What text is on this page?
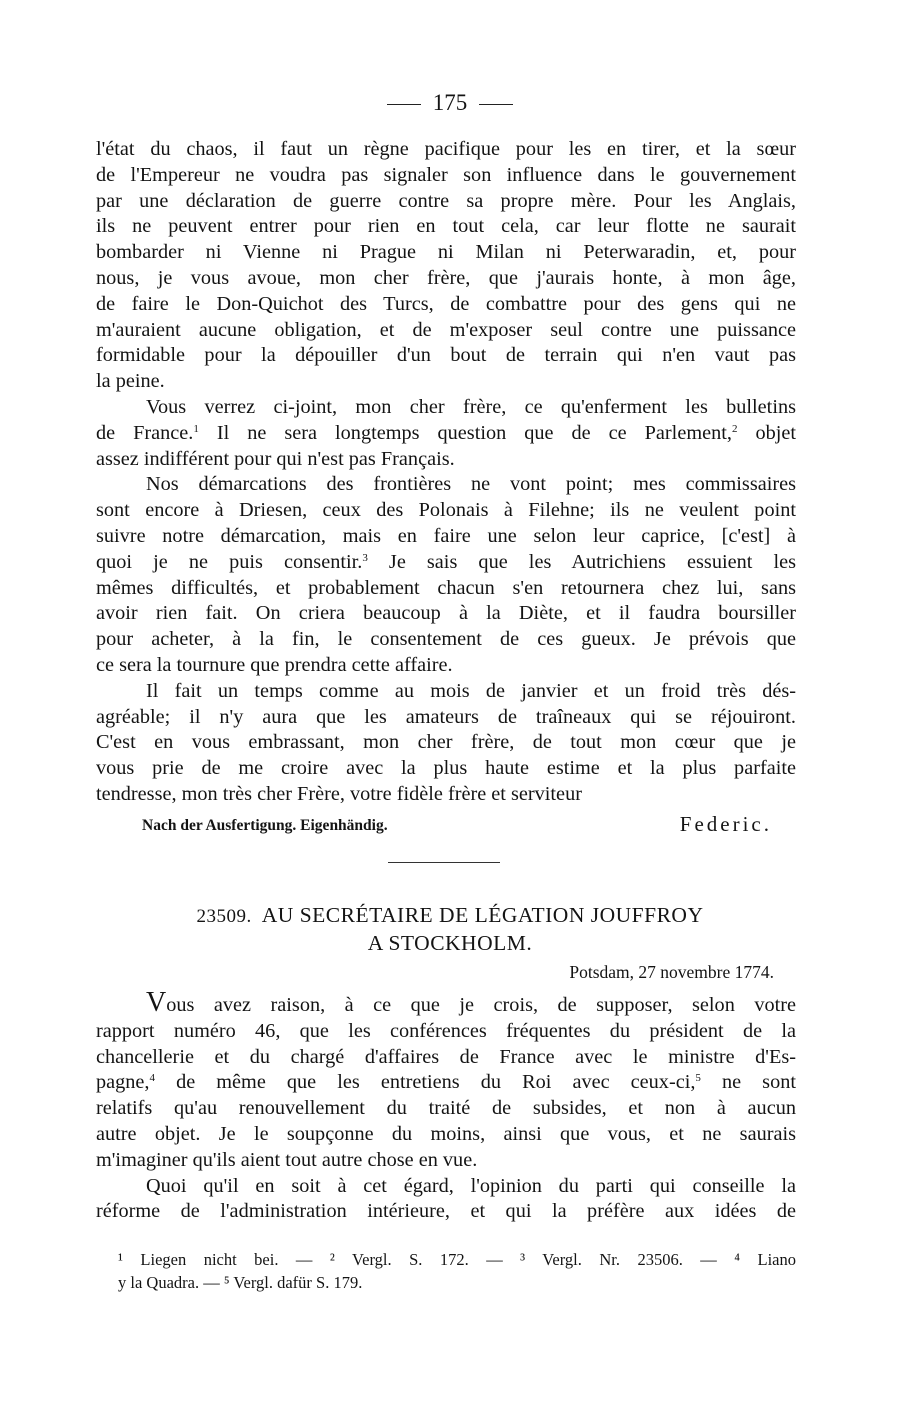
175
l'état du chaos, il faut un règne pacifique pour les en tirer, et la sœur
de l'Empereur ne voudra pas signaler son influence dans le gouvernement
par une déclaration de guerre contre sa propre mère. Pour les Anglais,
ils ne peuvent entrer pour rien en tout cela, car leur flotte ne saurait
bombarder ni Vienne ni Prague ni Milan ni Peterwaradin, et, pour
nous, je vous avoue, mon cher frère, que j'aurais honte, à mon âge,
de faire le Don-Quichot des Turcs, de combattre pour des gens qui ne
m'auraient aucune obligation, et de m'exposer seul contre une puissance
formidable pour la dépouiller d'un bout de terrain qui n'en vaut pas
la peine.
Vous verrez ci-joint, mon cher frère, ce qu'enferment les bulletins
de France.$^1$ Il ne sera longtemps question que de ce Parlement,$^2$ objet
assez indifférent pour qui n'est pas Français.
Nos démarcations des frontières ne vont point; mes commissaires
sont encore à Driesen, ceux des Polonais à Filehne; ils ne veulent point
suivre notre démarcation, mais en faire une selon leur caprice, [c'est] à
quoi je ne puis consentir.$^3$ Je sais que les Autrichiens essuient les
mêmes difficultés, et probablement chacun s'en retournera chez lui, sans
avoir rien fait. On criera beaucoup à la Diète, et il faudra boursiller
pour acheter, à la fin, le consentement de ces gueux. Je prévois que
ce sera la tournure que prendra cette affaire.
Il fait un temps comme au mois de janvier et un froid très dés-
agréable; il n'y aura que les amateurs de traîneaux qui se réjouiront.
C'est en vous embrassant, mon cher frère, de tout mon cœur que je
vous prie de me croire avec la plus haute estime et la plus parfaite
tendresse, mon très cher Frère, votre fidèle frère et serviteur
Nach der Ausfertigung. Eigenhändig.	Federic.
23509. AU SECRÉTAIRE DE LÉGATION JOUFFROY
A STOCKHOLM.
Potsdam, 27 novembre 1774.
Vous avez raison, à ce que je crois, de supposer, selon votre
rapport numéro 46, que les conférences fréquentes du président de la
chancellerie et du chargé d'affaires de France avec le ministre d'Es-
pagne,$^4$ de même que les entretiens du Roi avec ceux-ci,$^5$ ne sont
relatifs qu'au renouvellement du traité de subsides, et non à aucun
autre objet. Je le soupçonne du moins, ainsi que vous, et ne saurais
m'imaginer qu'ils aient tout autre chose en vue.
Quoi qu'il en soit à cet égard, l'opinion du parti qui conseille la
réforme de l'administration intérieure, et qui la préfère aux idées de
¹ Liegen nicht bei. — ² Vergl. S. 172. — ³ Vergl. Nr. 23506. — ⁴ Liano
y la Quadra. — ⁵ Vergl. dafür S. 179.
